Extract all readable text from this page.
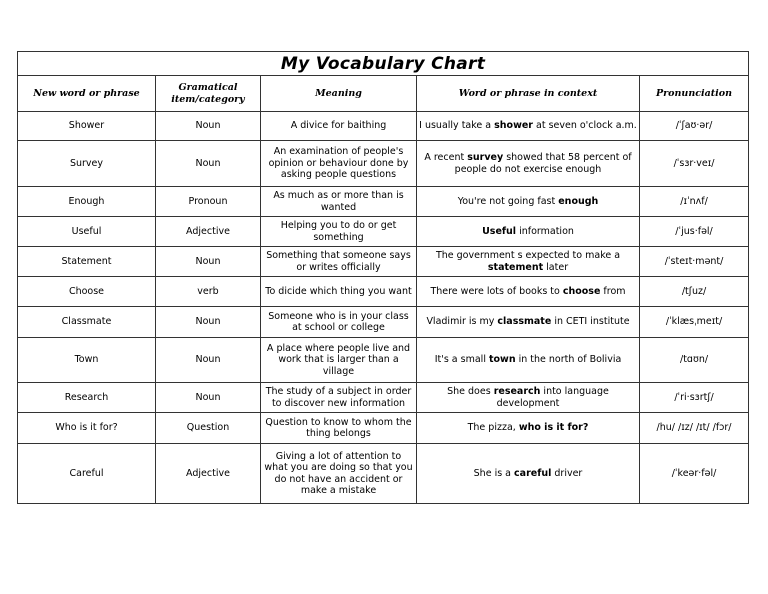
My Vocabulary Chart				
New word or phrase	Gramatical item/category	Meaning	Word or phrase in context	Pronunciation
Shower	Noun	A divice for baithing	I usually take a shower at seven o'clock a.m.	/ˈʃaʊ·ər/
Survey	Noun	An examination of people's opinion or behaviour done by asking people questions	A recent survey showed that 58 percent of people do not exercise enough	/ˈsɜr·veɪ/
Enough	Pronoun	As much as or more than is wanted	You're not going fast enough	/ɪˈnʌf/
Useful	Adjective	Helping you to do or get something	Useful information	/ˈjus·fəl/
Statement	Noun	Something that someone says or writes officially	The government s expected to make a statement later	/ˈsteɪt·mənt/
Choose	verb	To dicide which thing you want	There were lots of books to choose from	/tʃuz/
Classmate	Noun	Someone who is in your class at school or college	Vladimir is my classmate in CETI institute	/ˈklæsˌmeɪt/
Town	Noun	A place where people live and work that is larger than a village	It's a small town in the north of Bolivia	/tɑʊn/
Research	Noun	The study of a subject in order to discover new information	She does research into language development	/ˈri·sɜrtʃ/
Who is it for?	Question	Question to know to whom the thing belongs	The pizza, who is it for?	/hu/ /ɪz/ /ɪt/ /fɔr/
Careful	Adjective	Giving a lot of attention to what you are doing so that you do not have an accident or make a mistake	She is a careful driver	/ˈkeər·fəl/
